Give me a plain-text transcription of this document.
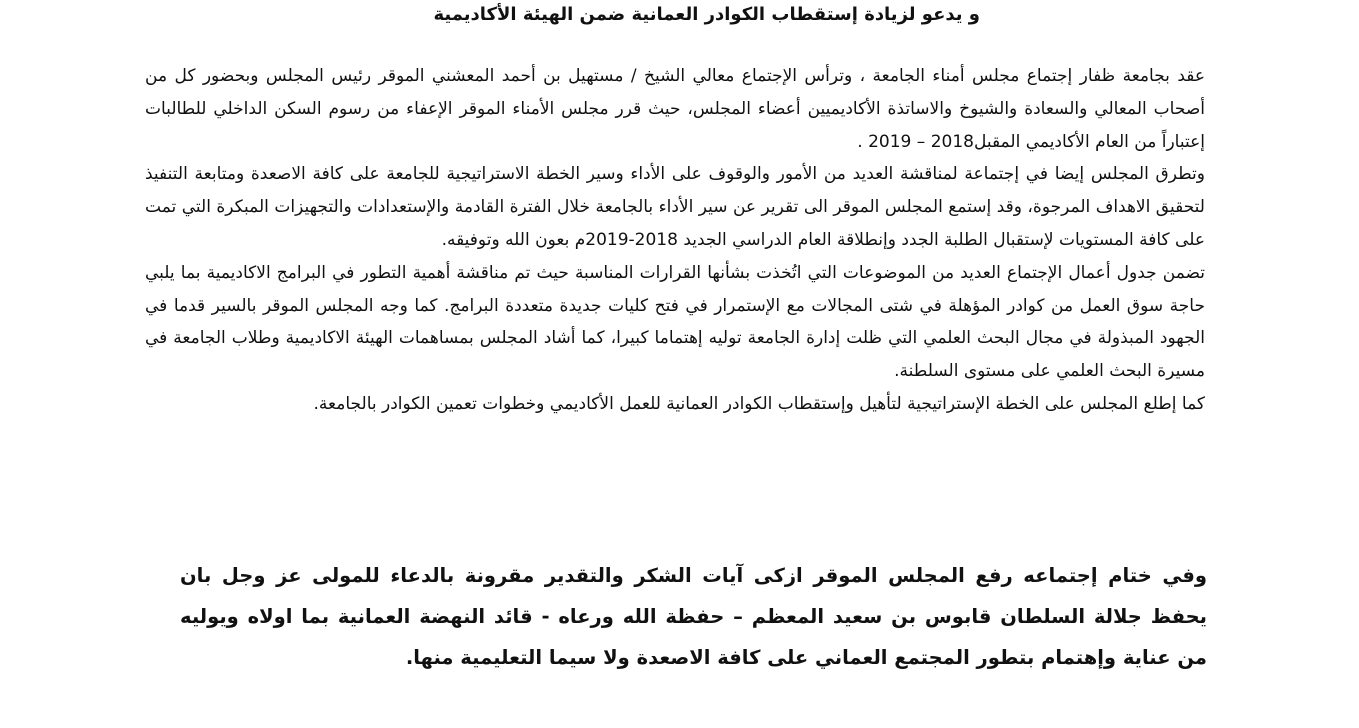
و يدعو لزيادة إستقطاب الكوادر العمانية ضمن الهيئة الأكاديمية

عقد بجامعة ظفار إجتماع مجلس أمناء الجامعة ، وترأس الإجتماع معالي الشيخ / مستهيل بن أحمد المعشني الموقر رئيس المجلس وبحضور كل من أصحاب المعالي والسعادة والشيوخ والاساتذة الأكاديميين أعضاء المجلس، حيث قرر مجلس الأمناء الموقر الإعفاء من رسوم السكن الداخلي للطالبات إعتباراً من العام الأكاديمي المقبل2018 – 2019 .

وتطرق المجلس إيضا في إجتماعة لمناقشة العديد من الأمور والوقوف على الأداء وسير الخطة الاستراتيجية للجامعة على كافة الاصعدة ومتابعة التنفيذ لتحقيق الاهداف المرجوة، وقد إستمع المجلس الموقر الى تقرير عن سير الأداء بالجامعة خلال الفترة القادمة والإستعدادات والتجهيزات المبكرة التي تمت على كافة المستويات لإستقبال الطلبة الجدد وإنطلاقة العام الدراسي الجديد 2018-2019م بعون الله وتوفيقه.

تضمن جدول أعمال الإجتماع العديد من الموضوعات التي اتُخذت بشأنها القرارات المناسبة حيث تم مناقشة أهمية التطور في البرامج الاكاديمية بما يلبي حاجة سوق العمل من كوادر المؤهلة في شتى المجالات مع الإستمرار في فتح كليات جديدة متعددة البرامج. كما وجه المجلس الموقر بالسير قدما في الجهود المبذولة في مجال البحث العلمي التي ظلت إدارة الجامعة توليه إهتماما كبيرا، كما أشاد المجلس بمساهمات الهيئة الاكاديمية وطلاب الجامعة في مسيرة البحث العلمي على مستوى السلطنة.

كما إطلع المجلس على الخطة الإستراتيجية لتأهيل وإستقطاب الكوادر العمانية للعمل الأكاديمي وخطوات تعمين الكوادر بالجامعة.

وفي ختام إجتماعه رفع المجلس الموقر ازكى آيات الشكر والتقدير مقرونة بالدعاء للمولى عز وجل بان يحفظ جلالة السلطان قابوس بن سعيد المعظم – حفظة الله ورعاه - قائد النهضة العمانية بما اولاه ويوليه من عناية وإهتمام بتطور المجتمع العماني على كافة الاصعدة ولا سيما التعليمية منها.
